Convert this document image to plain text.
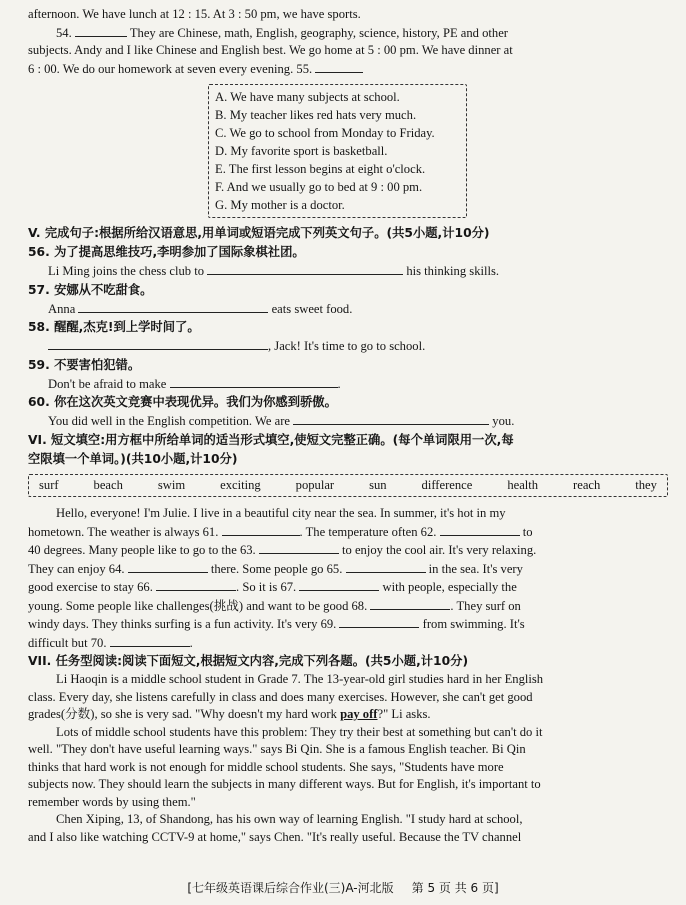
afternoon. We have lunch at 12 : 15. At 3 : 50 pm, we have sports.

54.	They are Chinese, math, English, geography, science, history, PE and other

subjects. Andy and I like Chinese and English best. We go home at 5 : 00 pm. We have dinner at

6 : 00. We do our homework at seven every evening. 55.

A. We have many subjects at school.

B. My teacher likes red hats very much.

C. We go to school from Monday to Friday.

D. My favorite sport is basketball.

E. The first lesson begins at eight o'clock.

F. And we usually go to bed at 9 : 00 pm.

G. My mother is a doctor.

V. 完成句子:根据所给汉语意思,用单词或短语完成下列英文句子。(共5小题,计10分)

56. 为了提高思维技巧,李明参加了国际象棋社团。

Li Ming joins the chess club to	his thinking skills.

57. 安娜从不吃甜食。

Anna	eats sweet food.

58. 醒醒,杰克!到上学时间了。

, Jack! It's time to go to school.

59. 不要害怕犯错。

Don't be afraid to make	.

60. 你在这次英文竞赛中表现优异。我们为你感到骄傲。

You did well in the English competition. We are	you.

VI. 短文填空:用方框中所给单词的适当形式填空,使短文完整正确。(每个单词限用一次,每

空限填一个单词。)(共10小题,计10分)

surf	beach	swim	exciting	popular	sun	difference	health	reach	they

Hello, everyone! I'm Julie. I live in a beautiful city near the sea. In summer, it's hot in my

hometown. The weather is always 61.	. The temperature often 62.	to

40 degrees. Many people like to go to the 63.	to enjoy the cool air. It's very relaxing.

They can enjoy 64.	there. Some people go 65.	in the sea. It's very

good exercise to stay 66.	. So it is 67.	with people, especially the

young. Some people like challenges(挑战) and want to be good 68.	. They surf on

windy days. They thinks surfing is a fun activity. It's very 69.	from swimming. It's

difficult but 70.	.

VII. 任务型阅读:阅读下面短文,根据短文内容,完成下列各题。(共5小题,计10分)

Li Haoqin is a middle school student in Grade 7. The 13-year-old girl studies hard in her English

class. Every day, she listens carefully in class and does many exercises. However, she can't get good

grades(分数), so she is very sad. "Why doesn't my hard work pay off?" Li asks.

Lots of middle school students have this problem: They try their best at something but can't do it

well. "They don't have useful learning ways." says Bi Qin. She is a famous English teacher. Bi Qin

thinks that hard work is not enough for middle school students. She says, "Students have more

subjects now. They should learn the subjects in many different ways. But for English, it's important to

remember words by using them."

Chen Xiping, 13, of Shandong, has his own way of learning English. "I study hard at school,

and I also like watching CCTV-9 at home," says Chen. "It's really useful. Because the TV channel

[七年级英语课后综合作业(三)A-河北版 第 5 页 共 6 页]
